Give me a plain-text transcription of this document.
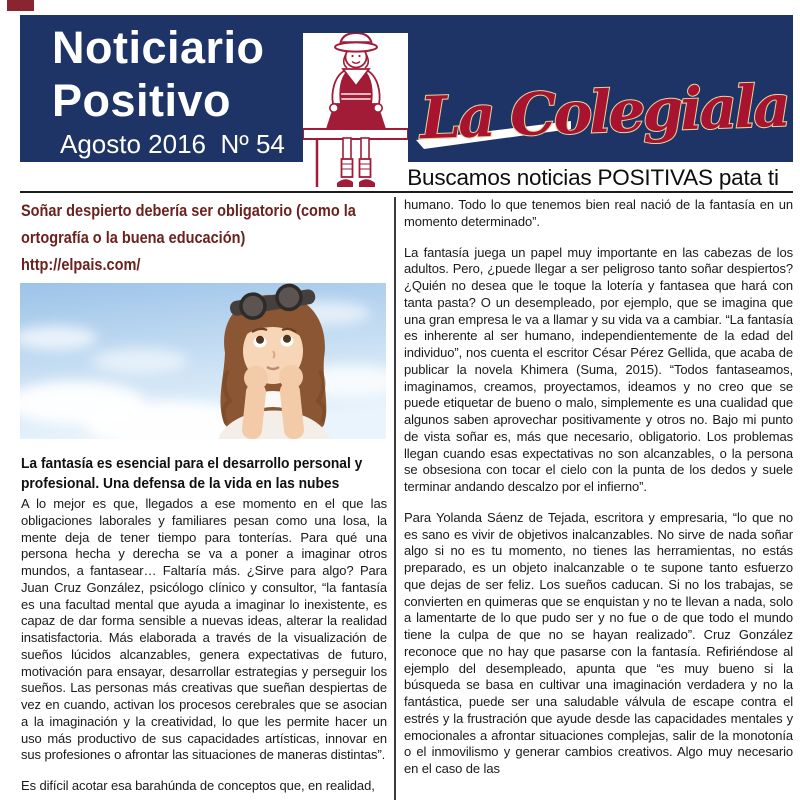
Noticiario
Positivo
Agosto 2016  Nº 54 La Colegiala
Buscamos noticias POSITIVAS pata ti
Soñar despierto debería ser obligatorio (como la
ortografía o la buena educación)
http://elpais.com/
La fantasía es esencial para el desarrollo personal y
profesional. Una defensa de la vida en las nubes

A lo mejor es que, llegados a ese momento en el que las obligaciones laborales y familiares pesan como una losa, la mente deja de tener tiempo para tonterías. Para qué una persona hecha y derecha se va a poner a imaginar otros mundos, a fantasear… Faltaría más. ¿Sirve para algo? Para Juan Cruz González, psicólogo clínico y consultor, “la fantasía es una facultad mental que ayuda a imaginar lo inexistente, es capaz de dar forma sensible a nuevas ideas, alterar la realidad insatisfactoria. Más elaborada a través de la visualización de sueños lúcidos alcanzables, genera expectativas de futuro, motivación para ensayar, desarrollar estrategias y perseguir los sueños. Las personas más creativas que sueñan despiertas de vez en cuando, activan los procesos cerebrales que se asocian a la imaginación y la creatividad, lo que les permite hacer un uso más productivo de sus capacidades artísticas, innovar en sus profesiones o afrontar las situaciones de maneras distintas”.

Es difícil acotar esa barahúnda de conceptos que, en realidad,

humano. Todo lo que tenemos bien real nació de la fantasía en un momento determinado”.

La fantasía juega un papel muy importante en las cabezas de los adultos. Pero, ¿puede llegar a ser peligroso tanto soñar despiertos? ¿Quién no desea que le toque la lotería y fantasea que hará con tanta pasta? O un desempleado, por ejemplo, que se imagina que una gran empresa le va a llamar y su vida va a cambiar. “La fantasía es inherente al ser humano, independientemente de la edad del individuo”, nos cuenta el escritor César Pérez Gellida, que acaba de publicar la novela Khimera (Suma, 2015). “Todos fantaseamos, imaginamos, creamos, proyectamos, ideamos y no creo que se puede etiquetar de bueno o malo, simplemente es una cualidad que algunos saben aprovechar positivamente y otros no. Bajo mi punto de vista soñar es, más que necesario, obligatorio. Los problemas llegan cuando esas expectativas no son alcanzables, o la persona se obsesiona con tocar el cielo con la punta de los dedos y suele terminar andando descalzo por el infierno”.

Para Yolanda Sáenz de Tejada, escritora y empresaria, “lo que no es sano es vivir de objetivos inalcanzables. No sirve de nada soñar algo si no es tu momento, no tienes las herramientas, no estás preparado, es un objeto inalcanzable o te supone tanto esfuerzo que dejas de ser feliz. Los sueños caducan. Si no los trabajas, se convierten en quimeras que se enquistan y no te llevan a nada, solo a lamentarte de lo que pudo ser y no fue o de que todo el mundo tiene la culpa de que no se hayan realizado”. Cruz González reconoce que no hay que pasarse con la fantasía. Refiriéndose al ejemplo del desempleado, apunta que “es muy bueno si la búsqueda se basa en cultivar una imaginación verdadera y no la fantástica, puede ser una saludable válvula de escape contra el estrés y la frustración que ayude desde las capacidades mentales y emocionales a afrontar situaciones complejas, salir de la monotonía o el inmovilismo y generar cambios creativos. Algo muy necesario en el caso de las
